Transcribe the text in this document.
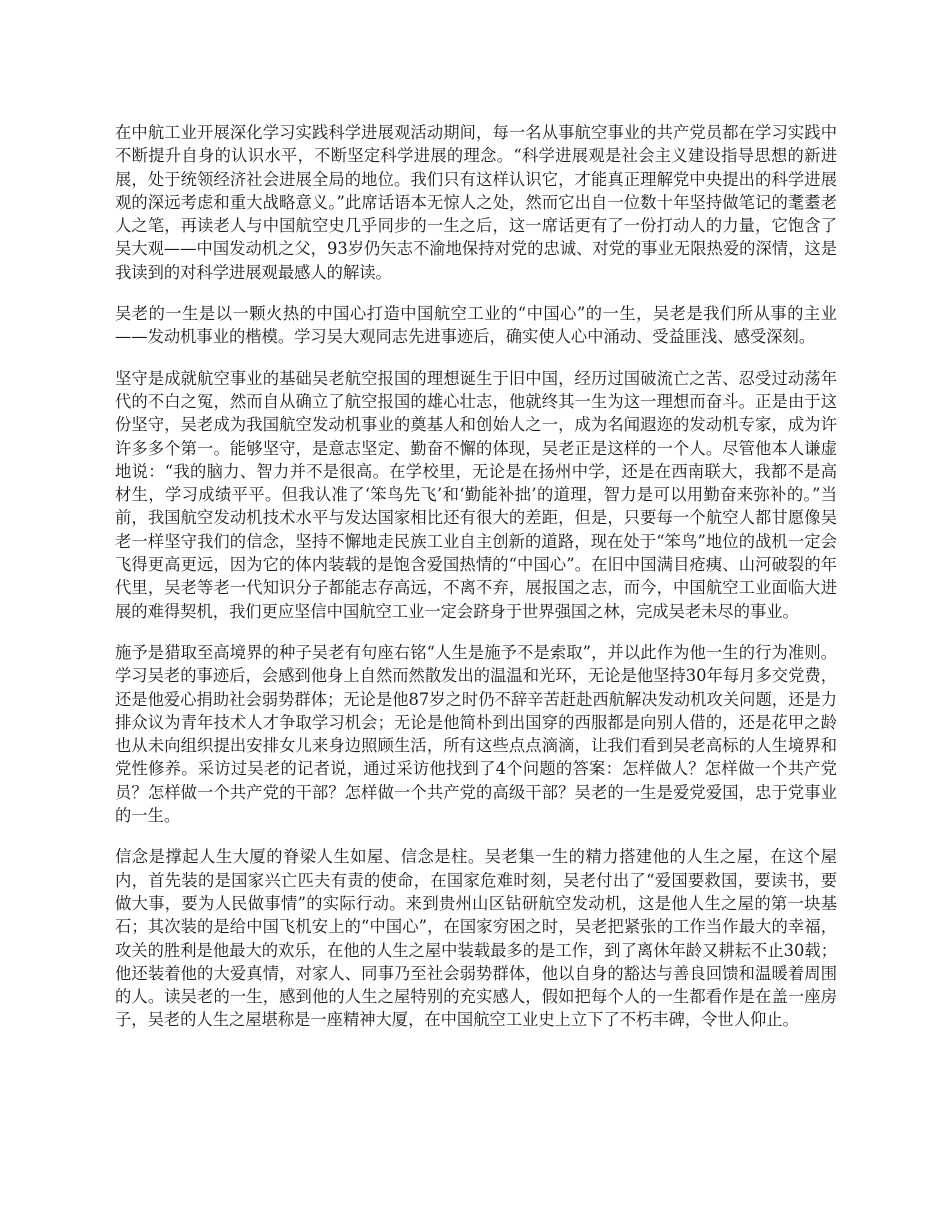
在中航工业开展深化学习实践科学进展观活动期间，每一名从事航空事业的共产党员都在学习实践中不断提升自身的认识水平，不断坚定科学进展的理念。“科学进展观是社会主义建设指导思想的新进展，处于统领经济社会进展全局的地位。我们只有这样认识它，才能真正理解党中央提出的科学进展观的深远考虑和重大战略意义。”此席话语本无惊人之处，然而它出自一位数十年坚持做笔记的耄耋老人之笔，再读老人与中国航空史几乎同步的一生之后，这一席话更有了一份打动人的力量，它饱含了吴大观——中国发动机之父，93岁仍矢志不渝地保持对党的忠诚、对党的事业无限热爱的深情，这是我读到的对科学进展观最感人的解读。

吴老的一生是以一颗火热的中国心打造中国航空工业的“中国心”的一生，吴老是我们所从事的主业——发动机事业的楷模。学习吴大观同志先进事迹后，确实使人心中涌动、受益匪浅、感受深刻。

坚守是成就航空事业的基础吴老航空报国的理想诞生于旧中国，经历过国破流亡之苦、忍受过动荡年代的不白之冤，然而自从确立了航空报国的雄心壮志，他就终其一生为这一理想而奋斗。正是由于这份坚守，吴老成为我国航空发动机事业的奠基人和创始人之一，成为名闻遐迩的发动机专家，成为许许多多个第一。能够坚守，是意志坚定、勤奋不懈的体现，吴老正是这样的一个人。尽管他本人谦虚地说：“我的脑力、智力并不是很高。在学校里，无论是在扬州中学，还是在西南联大，我都不是高材生，学习成绩平平。但我认准了‘笨鸟先飞’和‘勤能补拙’的道理，智力是可以用勤奋来弥补的。”当前，我国航空发动机技术水平与发达国家相比还有很大的差距，但是，只要每一个航空人都甘愿像吴老一样坚守我们的信念，坚持不懈地走民族工业自主创新的道路，现在处于“笨鸟”地位的战机一定会飞得更高更远，因为它的体内装载的是饱含爱国热情的“中国心”。在旧中国满目疮痍、山河破裂的年代里，吴老等老一代知识分子都能志存高远，不离不弃，展报国之志，而今，中国航空工业面临大进展的难得契机，我们更应坚信中国航空工业一定会跻身于世界强国之林，完成吴老未尽的事业。

施予是猎取至高境界的种子吴老有句座右铭“人生是施予不是索取”，并以此作为他一生的行为准则。学习吴老的事迹后，会感到他身上自然而然散发出的温温和光环，无论是他坚持30年每月多交党费，还是他爱心捐助社会弱势群体；无论是他87岁之时仍不辞辛苦赶赴西航解决发动机攻关问题，还是力排众议为青年技术人才争取学习机会；无论是他简朴到出国穿的西服都是向别人借的，还是花甲之龄也从未向组织提出安排女儿来身边照顾生活，所有这些点点滴滴，让我们看到吴老高标的人生境界和党性修养。采访过吴老的记者说，通过采访他找到了4个问题的答案：怎样做人？怎样做一个共产党员？怎样做一个共产党的干部？怎样做一个共产党的高级干部？吴老的一生是爱党爱国，忠于党事业的一生。

信念是撑起人生大厦的脊梁人生如屋、信念是柱。吴老集一生的精力搭建他的人生之屋，在这个屋内，首先装的是国家兴亡匹夫有责的使命，在国家危难时刻，吴老付出了“爱国要救国，要读书，要做大事，要为人民做事情”的实际行动。来到贵州山区钻研航空发动机，这是他人生之屋的第一块基石；其次装的是给中国飞机安上的“中国心”，在国家穷困之时，吴老把紧张的工作当作最大的幸福，攻关的胜利是他最大的欢乐，在他的人生之屋中装载最多的是工作，到了离休年龄又耕耘不止30载；他还装着他的大爱真情，对家人、同事乃至社会弱势群体，他以自身的豁达与善良回馈和温暖着周围的人。读吴老的一生，感到他的人生之屋特别的充实感人，假如把每个人的一生都看作是在盖一座房子，吴老的人生之屋堪称是一座精神大厦，在中国航空工业史上立下了不朽丰碑，令世人仰止。
